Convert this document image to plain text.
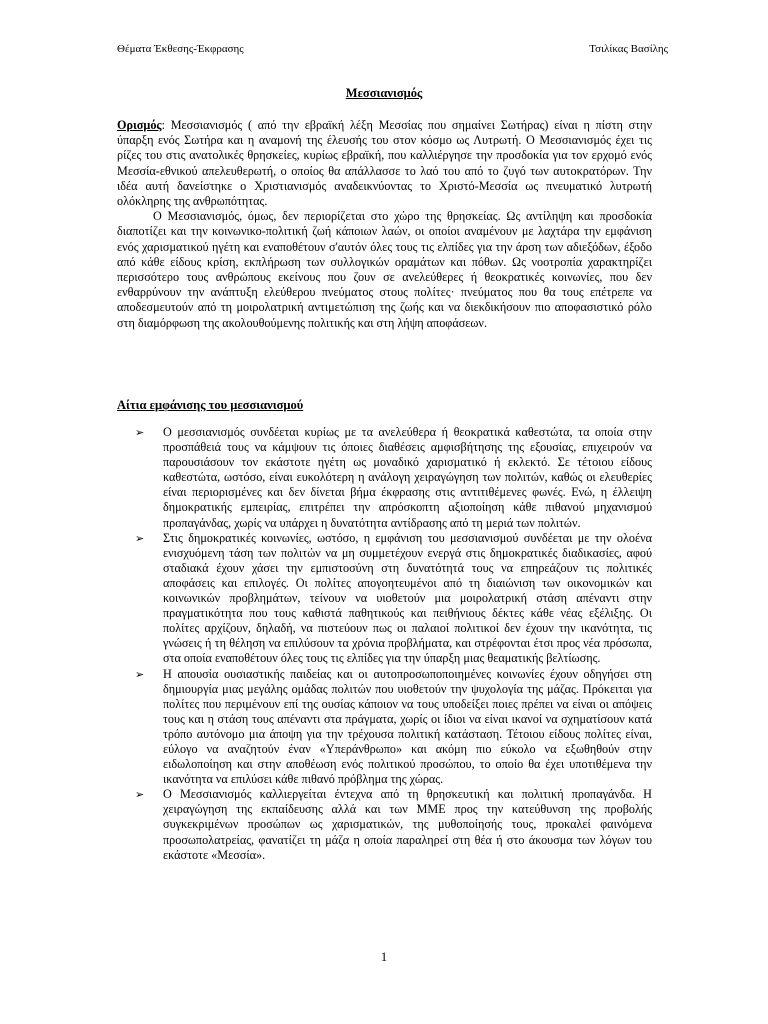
Θέματα Έκθεσης-Έκφρασης	Τσιλίκας Βασίλης
Μεσσιανισμός
Ορισμός: Μεσσιανισμός ( από την εβραϊκή λέξη Μεσσίας που σημαίνει Σωτήρας) είναι η πίστη στην ύπαρξη ενός Σωτήρα και η αναμονή της έλευσής του στον κόσμο ως Λυτρωτή. Ο Μεσσιανισμός έχει τις ρίζες του στις ανατολικές θρησκείες, κυρίως εβραϊκή, που καλλιέργησε την προσδοκία για τον ερχομό ενός Μεσσία-εθνικού απελευθερωτή, ο οποίος θα απάλλασσε το λαό του από το ζυγό των αυτοκρατόρων. Την ιδέα αυτή δανείστηκε ο Χριστιανισμός αναδεικνύοντας το Χριστό-Μεσσία ως πνευματικό λυτρωτή ολόκληρης της ανθρωπότητας.
Ο Μεσσιανισμός, όμως, δεν περιορίζεται στο χώρο της θρησκείας. Ως αντίληψη και προσδοκία διαποτίζει και την κοινωνικο-πολιτική ζωή κάποιων λαών, οι οποίοι αναμένουν με λαχτάρα την εμφάνιση ενός χαρισματικού ηγέτη και εναποθέτουν σ'αυτόν όλες τους τις ελπίδες για την άρση των αδιεξόδων, έξοδο από κάθε είδους κρίση, εκπλήρωση των συλλογικών οραμάτων και πόθων. Ως νοοτροπία χαρακτηρίζει περισσότερο τους ανθρώπους εκείνους που ζουν σε ανελεύθερες ή θεοκρατικές κοινωνίες, που δεν ενθαρρύνουν την ανάπτυξη ελεύθερου πνεύματος στους πολίτες· πνεύματος που θα τους επέτρεπε να αποδεσμευτούν από τη μοιρολατρική αντιμετώπιση της ζωής και να διεκδικήσουν πιο αποφασιστικό ρόλο στη διαμόρφωση της ακολουθούμενης πολιτικής και στη λήψη αποφάσεων.
Αίτια εμφάνισης του μεσσιανισμού
➢ Ο μεσσιανισμός συνδέεται κυρίως με τα ανελεύθερα ή θεοκρατικά καθεστώτα, τα οποία στην προσπάθειά τους να κάμψουν τις όποιες διαθέσεις αμφισβήτησης της εξουσίας, επιχειρούν να παρουσιάσουν τον εκάστοτε ηγέτη ως μοναδικό χαρισματικό ή εκλεκτό. Σε τέτοιου είδους καθεστώτα, ωστόσο, είναι ευκολότερη η ανάλογη χειραγώγηση των πολιτών, καθώς οι ελευθερίες είναι περιορισμένες και δεν δίνεται βήμα έκφρασης στις αντιτιθέμενες φωνές. Ενώ, η έλλειψη δημοκρατικής εμπειρίας, επιτρέπει την απρόσκοπτη αξιοποίηση κάθε πιθανού μηχανισμού προπαγάνδας, χωρίς να υπάρχει η δυνατότητα αντίδρασης από τη μεριά των πολιτών.
➢ Στις δημοκρατικές κοινωνίες, ωστόσο, η εμφάνιση του μεσσιανισμού συνδέεται με την ολοένα ενισχυόμενη τάση των πολιτών να μη συμμετέχουν ενεργά στις δημοκρατικές διαδικασίες, αφού σταδιακά έχουν χάσει την εμπιστοσύνη στη δυνατότητά τους να επηρεάζουν τις πολιτικές αποφάσεις και επιλογές. Οι πολίτες απογοητευμένοι από τη διαιώνιση των οικονομικών και κοινωνικών προβλημάτων, τείνουν να υιοθετούν μια μοιρολατρική στάση απέναντι στην πραγματικότητα που τους καθιστά παθητικούς και πειθήνιους δέκτες κάθε νέας εξέλιξης. Οι πολίτες αρχίζουν, δηλαδή, να πιστεύουν πως οι παλαιοί πολιτικοί δεν έχουν την ικανότητα, τις γνώσεις ή τη θέληση να επιλύσουν τα χρόνια προβλήματα, και στρέφονται έτσι προς νέα πρόσωπα, στα οποία εναποθέτουν όλες τους τις ελπίδες για την ύπαρξη μιας θεαματικής βελτίωσης.
➢ Η απουσία ουσιαστικής παιδείας και οι αυτοπροσωποποιημένες κοινωνίες έχουν οδηγήσει στη δημιουργία μιας μεγάλης ομάδας πολιτών που υιοθετούν την ψυχολογία της μάζας. Πρόκειται για πολίτες που περιμένουν επί της ουσίας κάποιον να τους υποδείξει ποιες πρέπει να είναι οι απόψεις τους και η στάση τους απέναντι στα πράγματα, χωρίς οι ίδιοι να είναι ικανοί να σχηματίσουν κατά τρόπο αυτόνομο μια άποψη για την τρέχουσα πολιτική κατάσταση. Τέτοιου είδους πολίτες είναι, εύλογο να αναζητούν έναν «Υπεράνθρωπο» και ακόμη πιο εύκολο να εξωθηθούν στην ειδωλοποίηση και στην αποθέωση ενός πολιτικού προσώπου, το οποίο θα έχει υποτιθέμενα την ικανότητα να επιλύσει κάθε πιθανό πρόβλημα της χώρας.
➢ Ο Μεσσιανισμός καλλιεργείται έντεχνα από τη θρησκευτική και πολιτική προπαγάνδα. Η χειραγώγηση της εκπαίδευσης αλλά και των ΜΜΕ προς την κατεύθυνση της προβολής συγκεκριμένων προσώπων ως χαρισματικών, της μυθοποίησής τους, προκαλεί φαινόμενα προσωπολατρείας, φανατίζει τη μάζα η οποία παραληρεί στη θέα ή στο άκουσμα των λόγων του εκάστοτε «Μεσσία».
1
